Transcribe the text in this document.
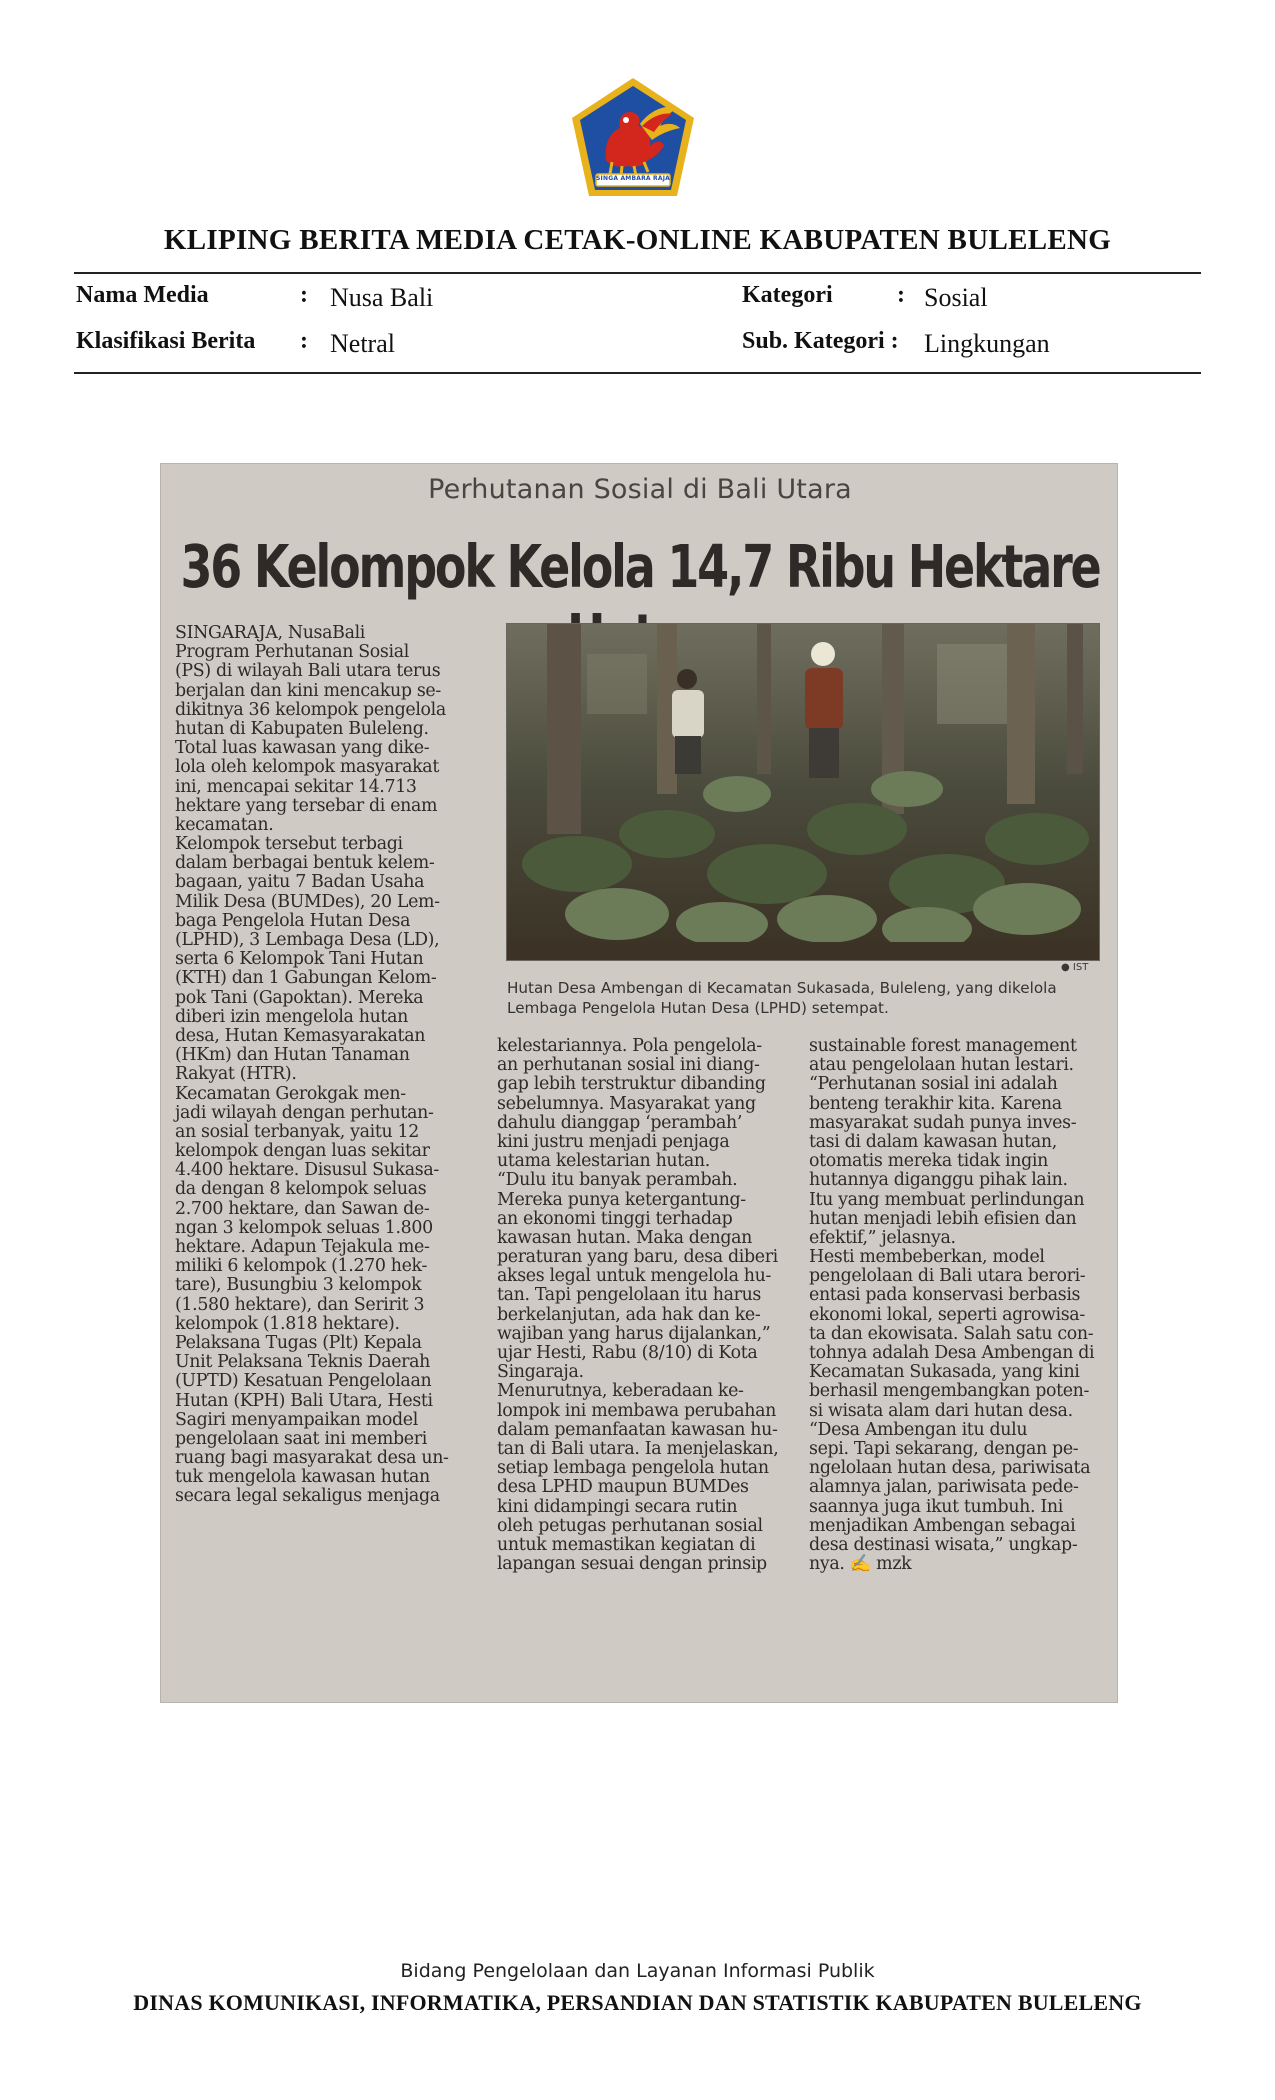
SINGA AMBARA RAJA
KLIPING BERITA MEDIA CETAK-ONLINE KABUPATEN BULELENG
Nama Media	: Nusa Bali	Kategori	: Sosial
Klasifikasi Berita : Netral	Sub. Kategori : Lingkungan
Perhutanan Sosial di Bali Utara
36 Kelompok Kelola 14,7 Ribu Hektare
● IST
Hutan Desa Ambengan di Kecamatan Sukasada, Buleleng, yang dikelola
Lembaga Pengelola Hutan Desa (LPHD) setempat.
SINGARAJA, NusaBali
Program Perhutanan Sosial
(PS) di wilayah Bali utara terus
berjalan dan kini mencakup se-
dikitnya 36 kelompok pengelola
hutan di Kabupaten Buleleng.
Total luas kawasan yang dike-
lola oleh kelompok masyarakat
ini, mencapai sekitar 14.713
hektare yang tersebar di enam
kecamatan.
Kelompok tersebut terbagi
dalam berbagai bentuk kelem-
bagaan, yaitu 7 Badan Usaha
Milik Desa (BUMDes), 20 Lem-
baga Pengelola Hutan Desa
(LPHD), 3 Lembaga Desa (LD),
serta 6 Kelompok Tani Hutan
(KTH) dan 1 Gabungan Kelom-
pok Tani (Gapoktan). Mereka
diberi izin mengelola hutan
desa, Hutan Kemasyarakatan
(HKm) dan Hutan Tanaman
Rakyat (HTR).
Kecamatan Gerokgak men-
jadi wilayah dengan perhutan-
an sosial terbanyak, yaitu 12
kelompok dengan luas sekitar
4.400 hektare. Disusul Sukasa-
da dengan 8 kelompok seluas
2.700 hektare, dan Sawan de-
ngan 3 kelompok seluas 1.800
hektare. Adapun Tejakula me-
miliki 6 kelompok (1.270 hek-
tare), Busungbiu 3 kelompok
(1.580 hektare), dan Seririt 3
kelompok (1.818 hektare).
Pelaksana Tugas (Plt) Kepala
Unit Pelaksana Teknis Daerah
(UPTD) Kesatuan Pengelolaan
Hutan (KPH) Bali Utara, Hesti
Sagiri menyampaikan model
pengelolaan saat ini memberi
ruang bagi masyarakat desa un-
tuk mengelola kawasan hutan
secara legal sekaligus menjaga
kelestariannya. Pola pengelola-
an perhutanan sosial ini diang-
gap lebih terstruktur dibanding
sebelumnya. Masyarakat yang
dahulu dianggap ‘perambah’
kini justru menjadi penjaga
utama kelestarian hutan.
“Dulu itu banyak perambah.
Mereka punya ketergantung-
an ekonomi tinggi terhadap
kawasan hutan. Maka dengan
peraturan yang baru, desa diberi
akses legal untuk mengelola hu-
tan. Tapi pengelolaan itu harus
berkelanjutan, ada hak dan ke-
wajiban yang harus dijalankan,”
ujar Hesti, Rabu (8/10) di Kota
Singaraja.
Menurutnya, keberadaan ke-
lompok ini membawa perubahan
dalam pemanfaatan kawasan hu-
tan di Bali utara. Ia menjelaskan,
setiap lembaga pengelola hutan
desa LPHD maupun BUMDes
kini didampingi secara rutin
oleh petugas perhutanan sosial
untuk memastikan kegiatan di
lapangan sesuai dengan prinsip
sustainable forest management
atau pengelolaan hutan lestari.
“Perhutanan sosial ini adalah
benteng terakhir kita. Karena
masyarakat sudah punya inves-
tasi di dalam kawasan hutan,
otomatis mereka tidak ingin
hutannya diganggu pihak lain.
Itu yang membuat perlindungan
hutan menjadi lebih efisien dan
efektif,” jelasnya.
Hesti membeberkan, model
pengelolaan di Bali utara berori-
entasi pada konservasi berbasis
ekonomi lokal, seperti agrowisa-
ta dan ekowisata. Salah satu con-
tohnya adalah Desa Ambengan di
Kecamatan Sukasada, yang kini
berhasil mengembangkan poten-
si wisata alam dari hutan desa.
“Desa Ambengan itu dulu
sepi. Tapi sekarang, dengan pe-
ngelolaan hutan desa, pariwisata
alamnya jalan, pariwisata pede-
saannya juga ikut tumbuh. Ini
menjadikan Ambengan sebagai
desa destinasi wisata,” ungkap-
nya. ✍ mzk
Bidang Pengelolaan dan Layanan Informasi Publik
DINAS KOMUNIKASI, INFORMATIKA, PERSANDIAN DAN STATISTIK KABUPATEN BULELENG
